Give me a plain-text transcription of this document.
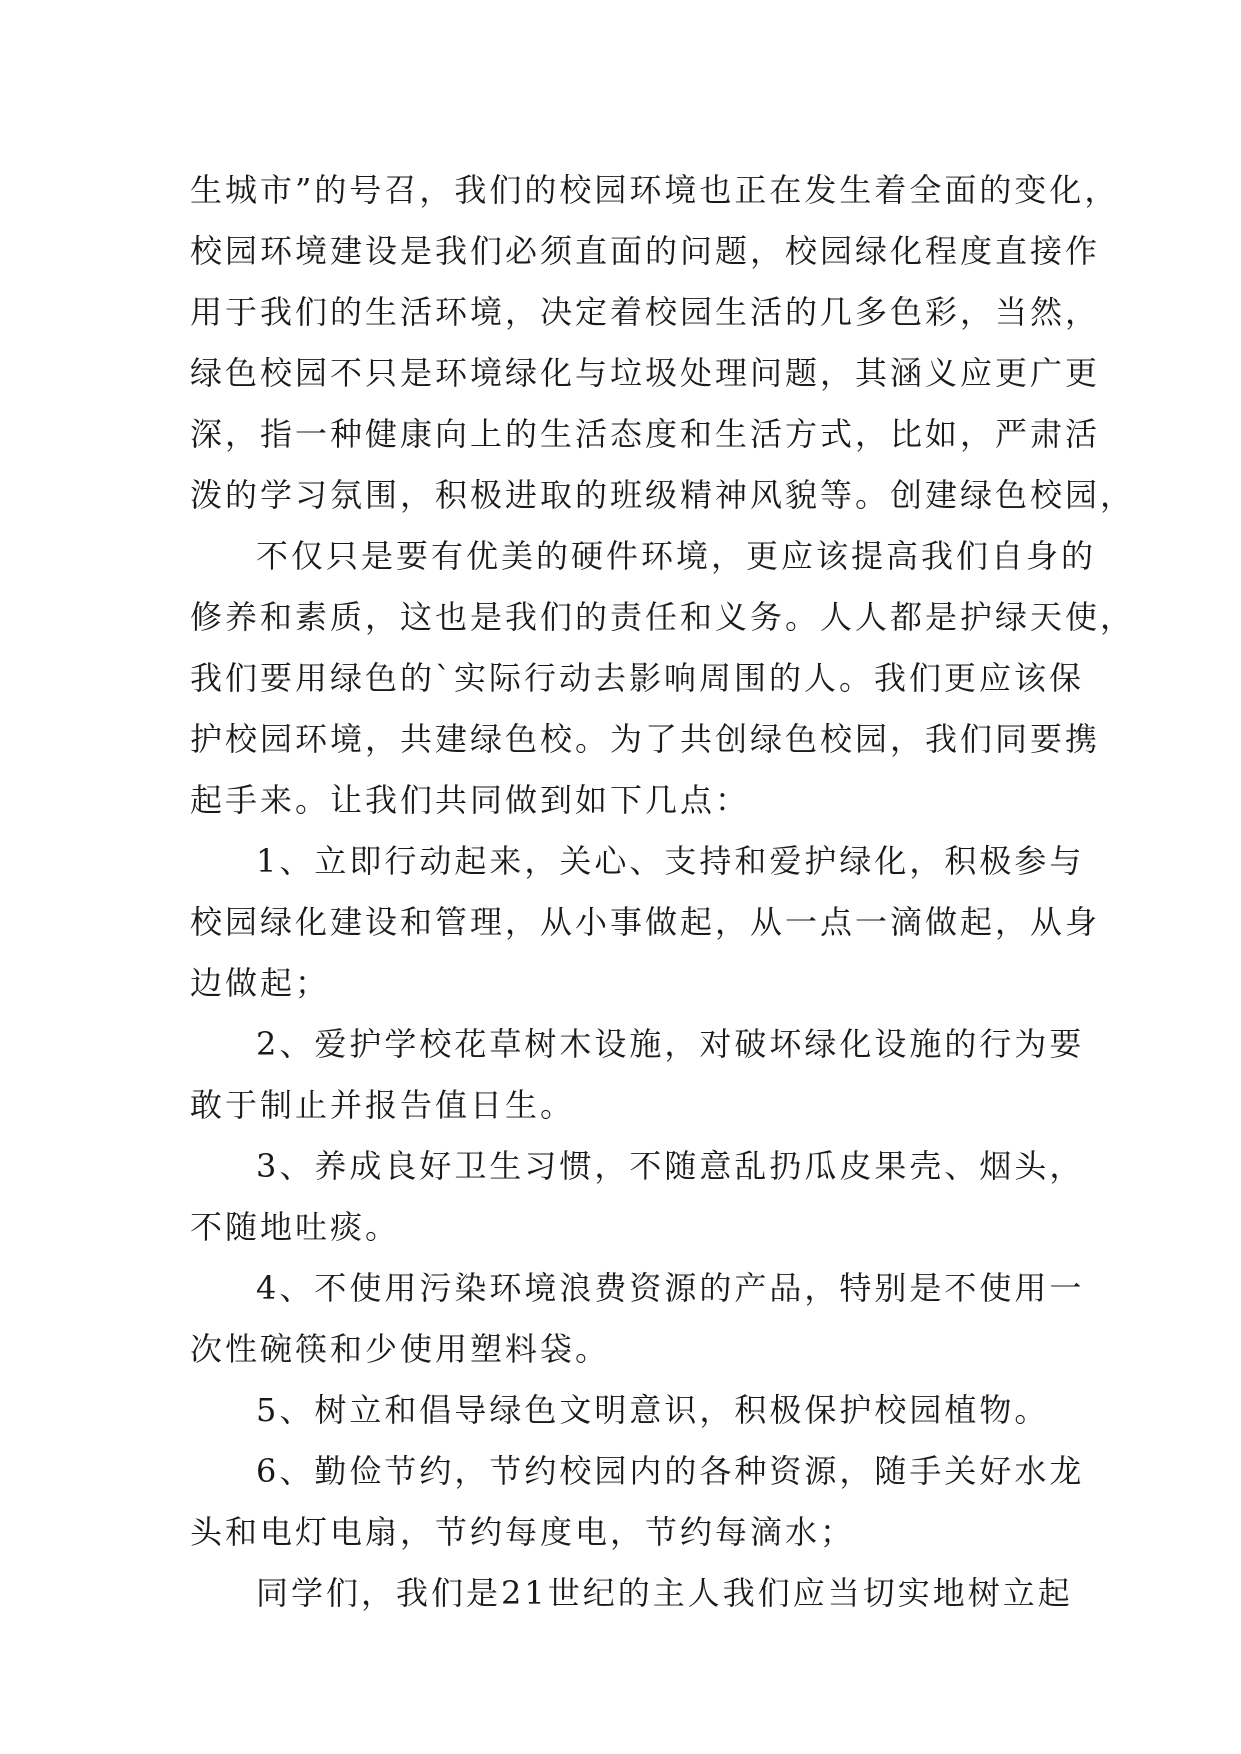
生城市”的号召，我们的校园环境也正在发生着全面的变化，
校园环境建设是我们必须直面的问题，校园绿化程度直接作
用于我们的生活环境，决定着校园生活的几多色彩，当然，
绿色校园不只是环境绿化与垃圾处理问题，其涵义应更广更
深，指一种健康向上的生活态度和生活方式，比如，严肃活
泼的学习氛围，积极进取的班级精神风貌等。创建绿色校园，
不仅只是要有优美的硬件环境，更应该提高我们自身的
修养和素质，这也是我们的责任和义务。人人都是护绿天使，
我们要用绿色的`实际行动去影响周围的人。我们更应该保
护校园环境，共建绿色校。为了共创绿色校园，我们同要携
起手来。让我们共同做到如下几点：
1、立即行动起来，关心、支持和爱护绿化，积极参与
校园绿化建设和管理，从小事做起，从一点一滴做起，从身
边做起；
2、爱护学校花草树木设施，对破坏绿化设施的行为要
敢于制止并报告值日生。
3、养成良好卫生习惯，不随意乱扔瓜皮果壳、烟头，
不随地吐痰。
4、不使用污染环境浪费资源的产品，特别是不使用一
次性碗筷和少使用塑料袋。
5、树立和倡导绿色文明意识，积极保护校园植物。
6、勤俭节约，节约校园内的各种资源，随手关好水龙
头和电灯电扇，节约每度电，节约每滴水；
同学们，我们是21世纪的主人我们应当切实地树立起
